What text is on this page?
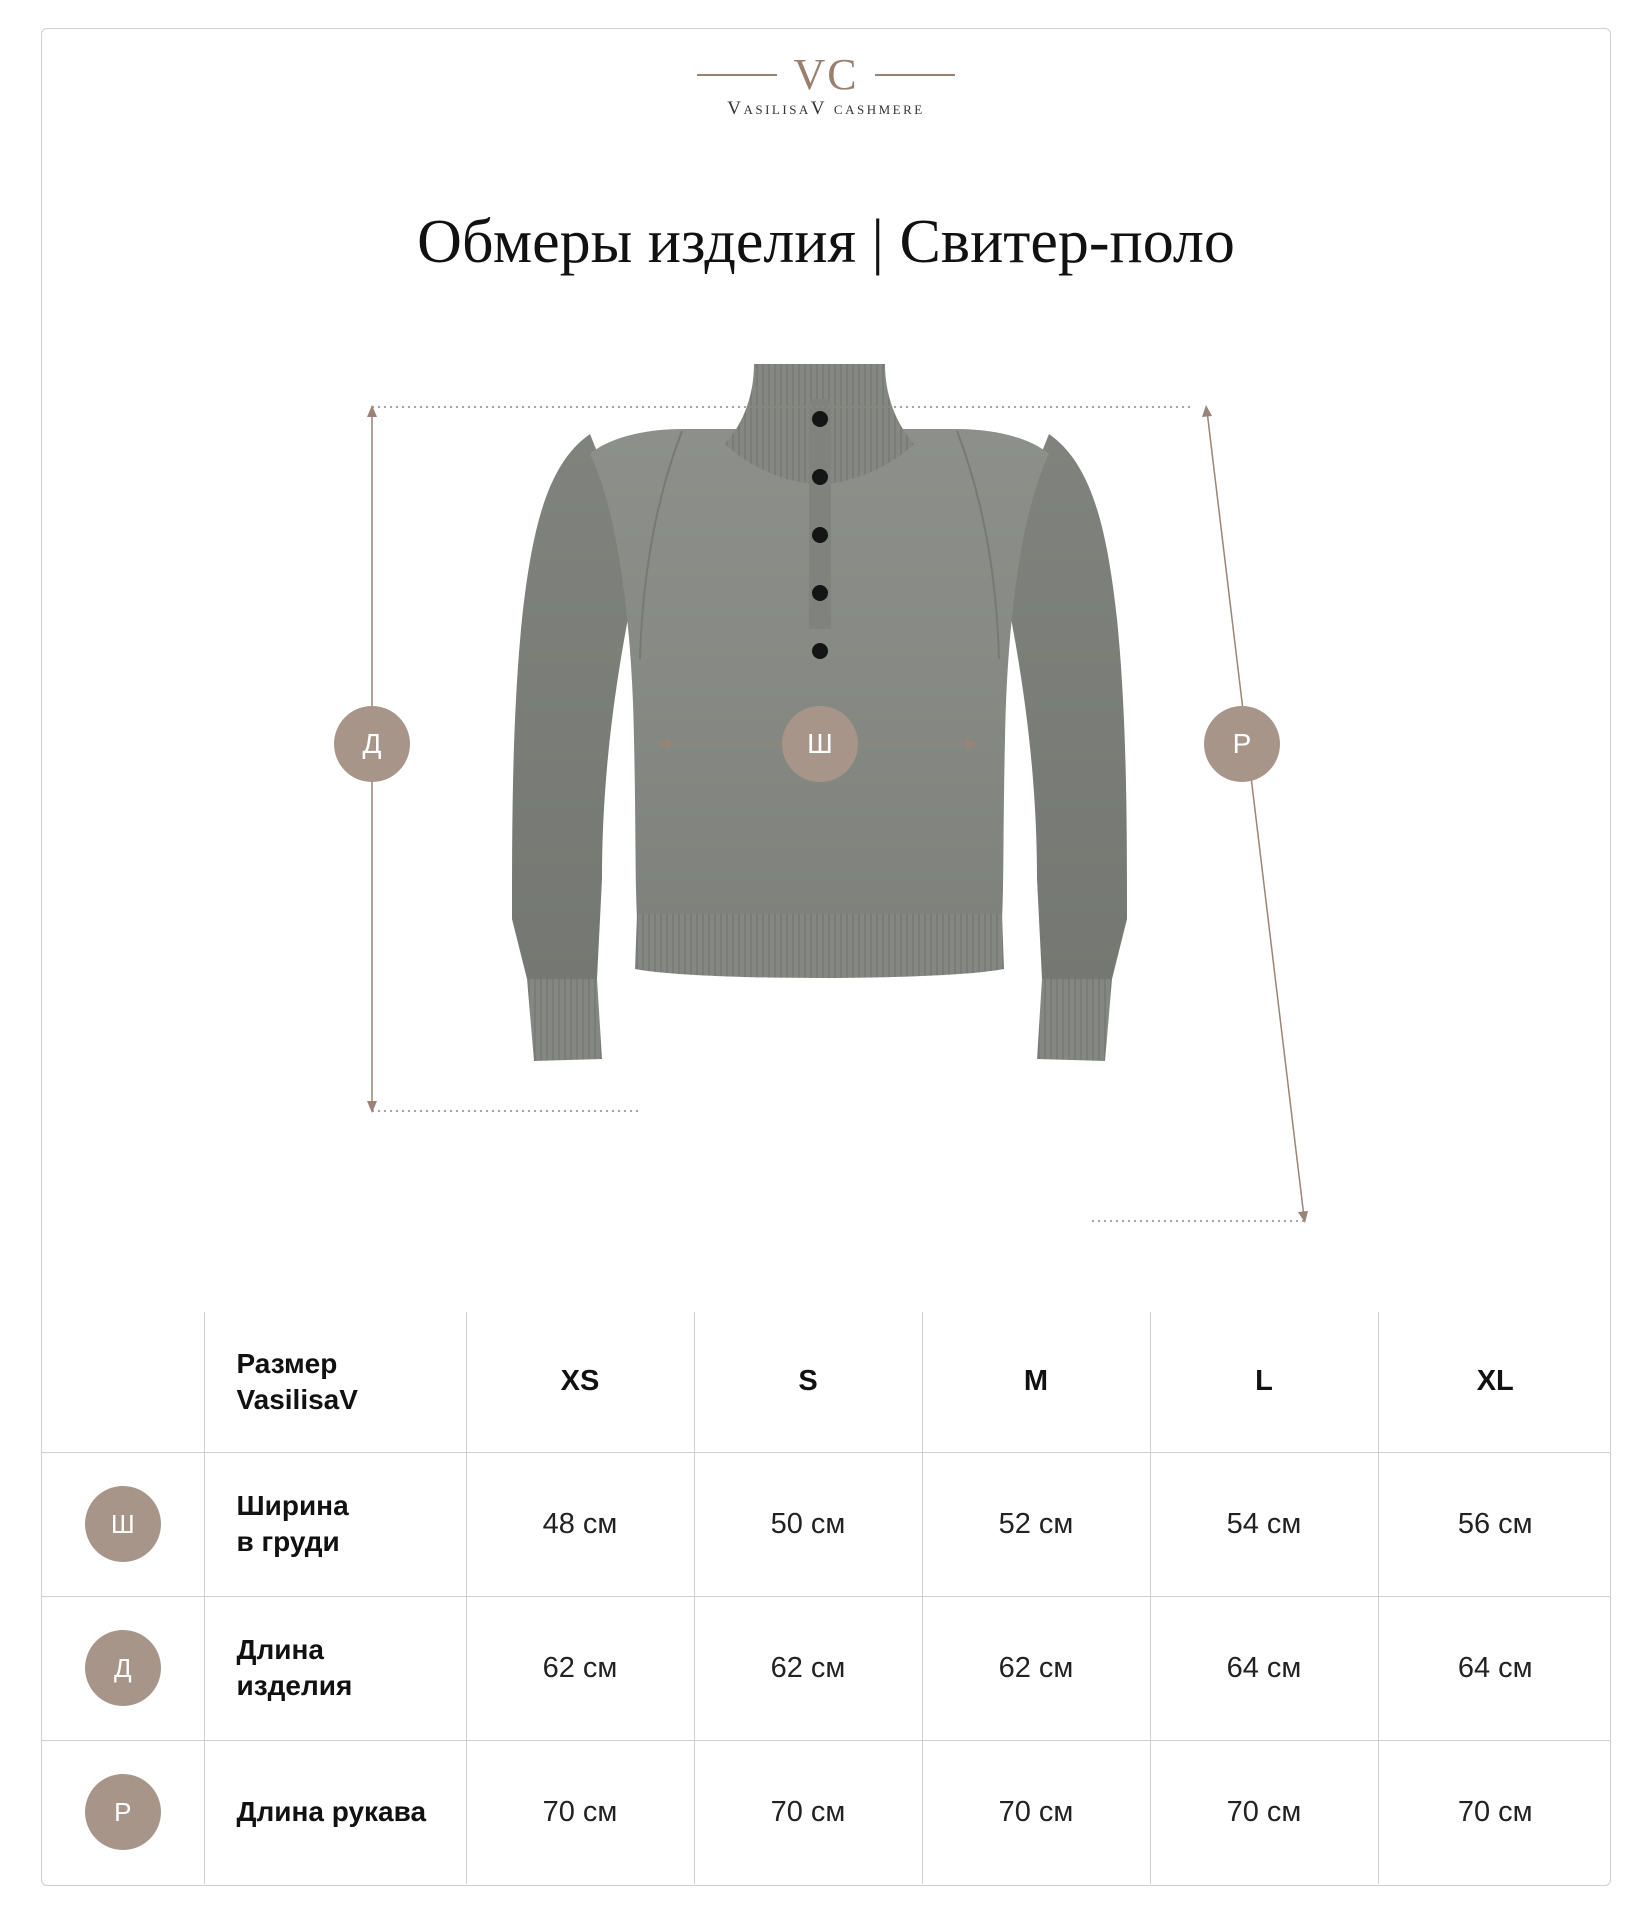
VC
VasilisaV cashmere
Обмеры изделия | Свитер-поло
Д	Ш	Р

	Размер
VasilisaV	XS	S	M	L	XL
Ш	Ширина
в груди	48 см	50 см	52 см	54 см	56 см
Д	Длина
изделия	62 см	62 см	62 см	64 см	64 см
Р	Длина рукава	70 см	70 см	70 см	70 см	70 см
